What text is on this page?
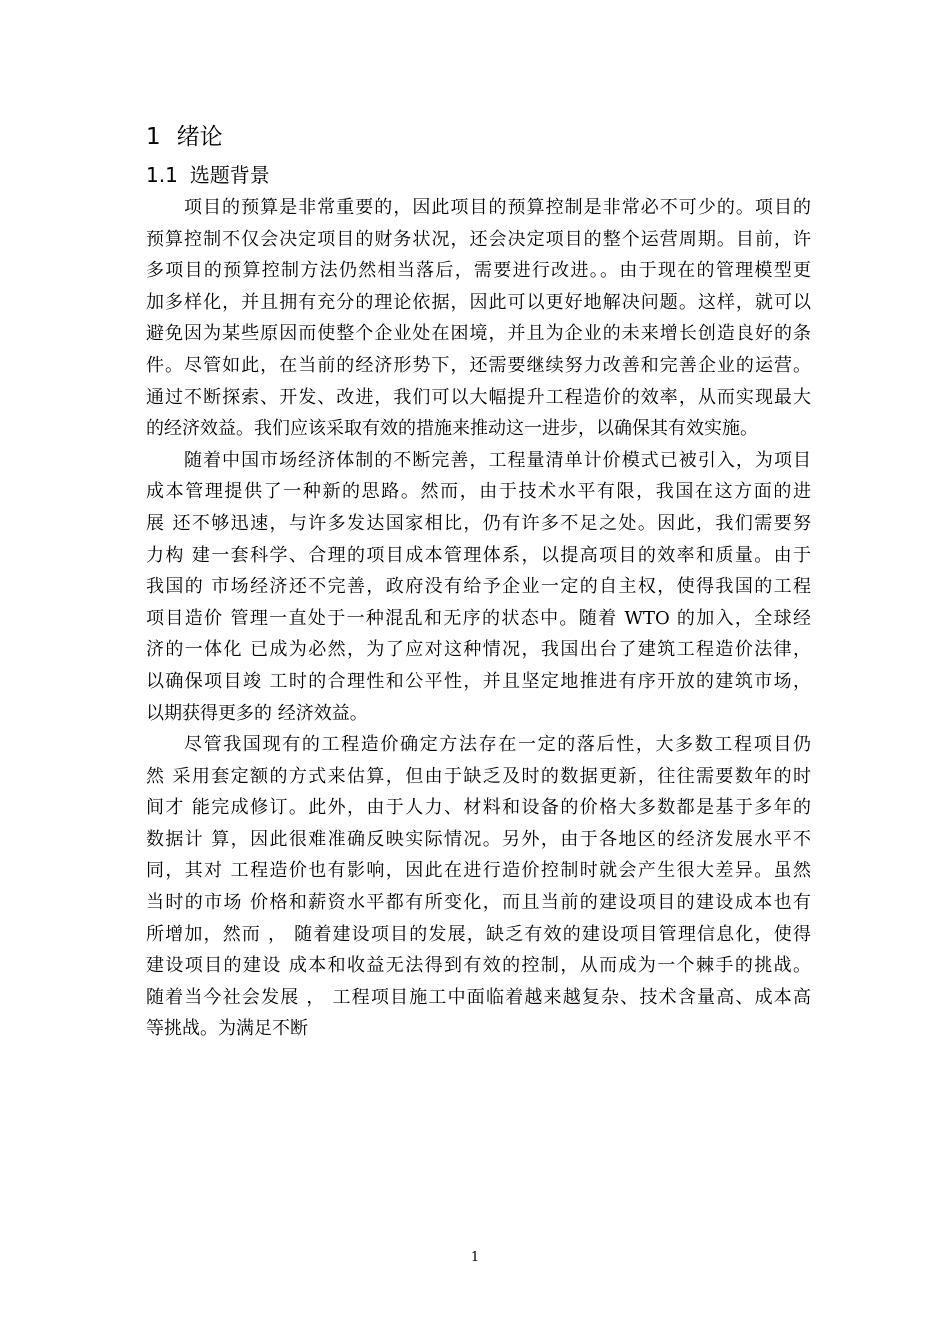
1 绪论
1.1 选题背景
项目的预算是非常重要的，因此项目的预算控制是非常必不可少的。项目的
预算控制不仅会决定项目的财务状况，还会决定项目的整个运营周期。目前，许
多项目的预算控制方法仍然相当落后，需要进行改进。。由于现在的管理模型更
加多样化，并且拥有充分的理论依据，因此可以更好地解决问题。这样，就可以
避免因为某些原因而使整个企业处在困境，并且为企业的未来增长创造良好的条
件。尽管如此，在当前的经济形势下，还需要继续努力改善和完善企业的运营。
通过不断探索、开发、改进，我们可以大幅提升工程造价的效率，从而实现最大
的经济效益。我们应该采取有效的措施来推动这一进步，以确保其有效实施。
随着中国市场经济体制的不断完善，工程量清单计价模式已被引入，为项目
成本管理提供了一种新的思路。然而，由于技术水平有限，我国在这方面的进
展 还不够迅速，与许多发达国家相比，仍有许多不足之处。因此，我们需要努
力构 建一套科学、合理的项目成本管理体系，以提高项目的效率和质量。由于
我国的 市场经济还不完善，政府没有给予企业一定的自主权，使得我国的工程
项目造价 管理一直处于一种混乱和无序的状态中。随着 WTO 的加入，全球经
济的一体化 已成为必然，为了应对这种情况，我国出台了建筑工程造价法律，
以确保项目竣 工时的合理性和公平性，并且坚定地推进有序开放的建筑市场，
以期获得更多的 经济效益。
尽管我国现有的工程造价确定方法存在一定的落后性，大多数工程项目仍
然 采用套定额的方式来估算，但由于缺乏及时的数据更新，往往需要数年的时
间才 能完成修订。此外，由于人力、材料和设备的价格大多数都是基于多年的
数据计 算，因此很难准确反映实际情况。另外，由于各地区的经济发展水平不
同，其对 工程造价也有影响，因此在进行造价控制时就会产生很大差异。虽然
当时的市场 价格和薪资水平都有所变化，而且当前的建设项目的建设成本也有
所增加，然而 ， 随着建设项目的发展，缺乏有效的建设项目管理信息化，使得
建设项目的建设 成本和收益无法得到有效的控制，从而成为一个棘手的挑战。
随着当今社会发展 ， 工程项目施工中面临着越来越复杂、技术含量高、成本高
等挑战。为满足不断
1
